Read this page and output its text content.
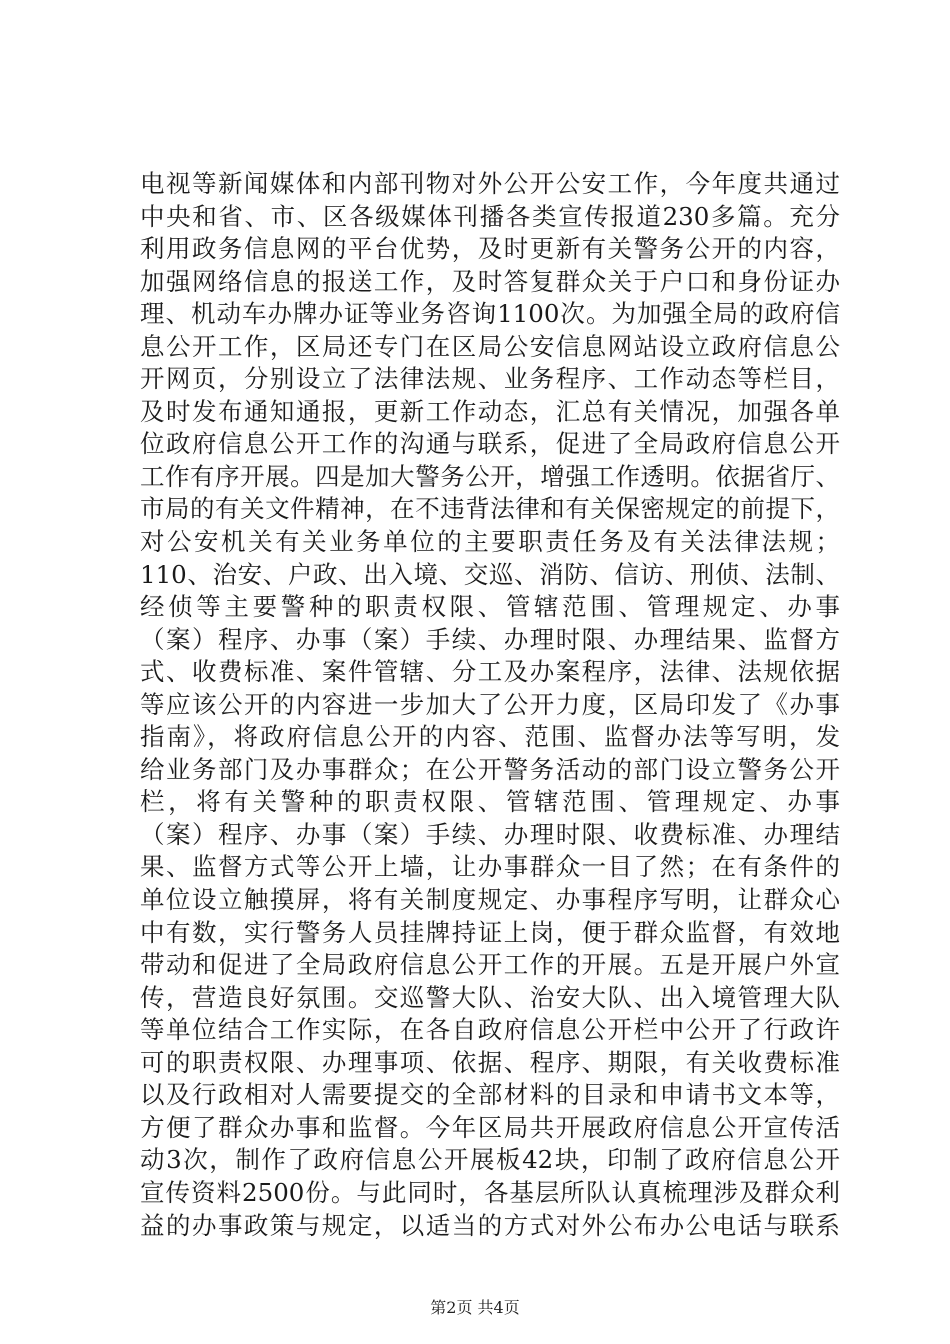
电视等新闻媒体和内部刊物对外公开公安工作，今年度共通过
中央和省、市、区各级媒体刊播各类宣传报道230多篇。充分
利用政务信息网的平台优势，及时更新有关警务公开的内容，
加强网络信息的报送工作，及时答复群众关于户口和身份证办
理、机动车办牌办证等业务咨询1100次。为加强全局的政府信
息公开工作，区局还专门在区局公安信息网站设立政府信息公
开网页，分别设立了法律法规、业务程序、工作动态等栏目，
及时发布通知通报，更新工作动态，汇总有关情况，加强各单
位政府信息公开工作的沟通与联系，促进了全局政府信息公开
工作有序开展。四是加大警务公开，增强工作透明。依据省厅、
市局的有关文件精神，在不违背法律和有关保密规定的前提下，
对公安机关有关业务单位的主要职责任务及有关法律法规；
110、治安、户政、出入境、交巡、消防、信访、刑侦、法制、
经侦等主要警种的职责权限、管辖范围、管理规定、办事
（案）程序、办事（案）手续、办理时限、办理结果、监督方
式、收费标准、案件管辖、分工及办案程序，法律、法规依据
等应该公开的内容进一步加大了公开力度，区局印发了《办事
指南》，将政府信息公开的内容、范围、监督办法等写明，发
给业务部门及办事群众；在公开警务活动的部门设立警务公开
栏，将有关警种的职责权限、管辖范围、管理规定、办事
（案）程序、办事（案）手续、办理时限、收费标准、办理结
果、监督方式等公开上墙，让办事群众一目了然；在有条件的
单位设立触摸屏，将有关制度规定、办事程序写明，让群众心
中有数，实行警务人员挂牌持证上岗，便于群众监督，有效地
带动和促进了全局政府信息公开工作的开展。五是开展户外宣
传，营造良好氛围。交巡警大队、治安大队、出入境管理大队
等单位结合工作实际，在各自政府信息公开栏中公开了行政许
可的职责权限、办理事项、依据、程序、期限，有关收费标准
以及行政相对人需要提交的全部材料的目录和申请书文本等，
方便了群众办事和监督。今年区局共开展政府信息公开宣传活
动3次，制作了政府信息公开展板42块，印制了政府信息公开
宣传资料2500份。与此同时，各基层所队认真梳理涉及群众利
益的办事政策与规定，以适当的方式对外公布办公电话与联系
第2页 共4页
